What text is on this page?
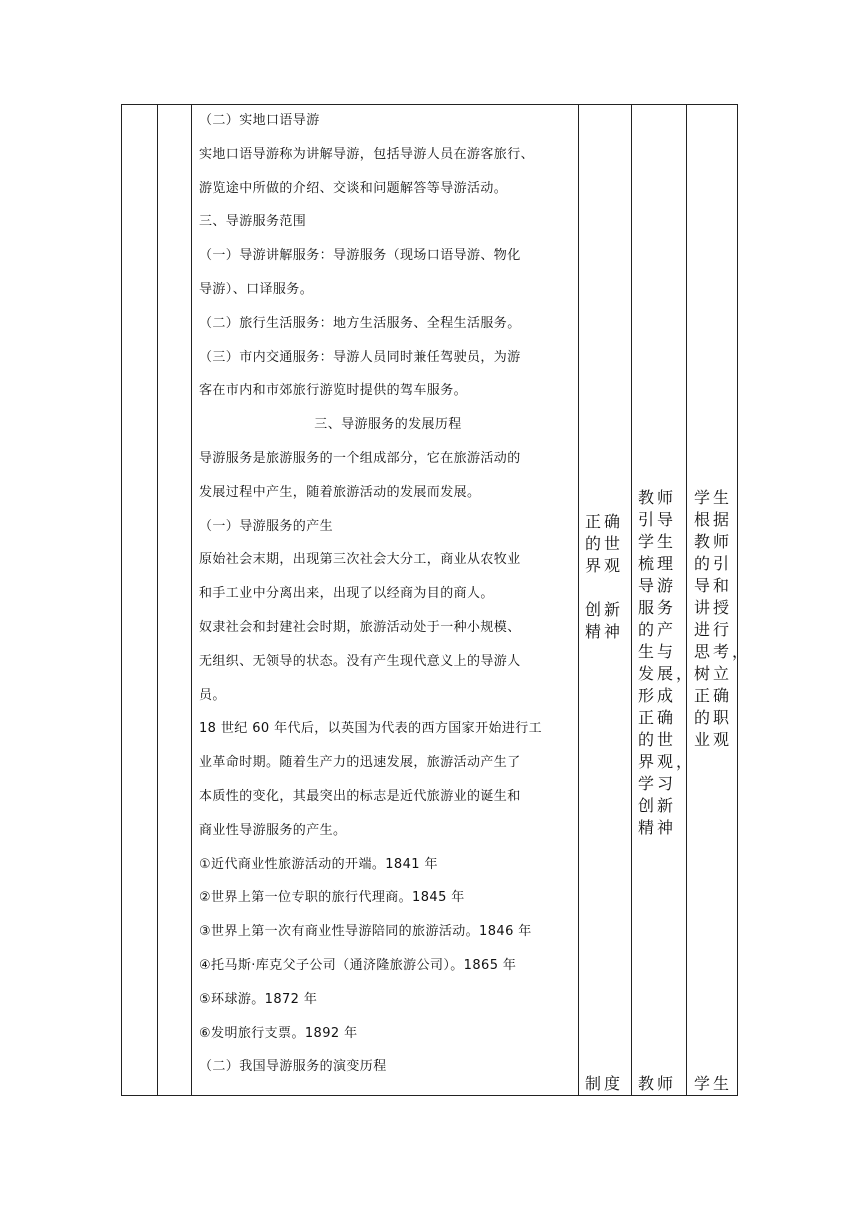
（二）实地口语导游

实地口语导游称为讲解导游，包括导游人员在游客旅行、

游览途中所做的介绍、交谈和问题解答等导游活动。

三、导游服务范围

（一）导游讲解服务：导游服务（现场口语导游、物化

导游）、口译服务。

（二）旅行生活服务：地方生活服务、全程生活服务。

（三）市内交通服务：导游人员同时兼任驾驶员，为游

客在市内和市郊旅行游览时提供的驾车服务。

三、导游服务的发展历程

导游服务是旅游服务的一个组成部分，它在旅游活动的

发展过程中产生，随着旅游活动的发展而发展。

（一）导游服务的产生

原始社会末期，出现第三次社会大分工，商业从农牧业

和手工业中分离出来，出现了以经商为目的商人。

奴隶社会和封建社会时期，旅游活动处于一种小规模、

无组织、无领导的状态。没有产生现代意义上的导游人

员。

18 世纪 60 年代后，以英国为代表的西方国家开始进行工

业革命时期。随着生产力的迅速发展，旅游活动产生了

本质性的变化，其最突出的标志是近代旅游业的诞生和

商业性导游服务的产生。

①近代商业性旅游活动的开端。1841 年

②世界上第一位专职的旅行代理商。1845 年

③世界上第一次有商业性导游陪同的旅游活动。1846 年

④托马斯·库克父子公司（通济隆旅游公司）。1865 年

⑤环球游。1872 年

⑥发明旅行支票。1892 年

（二）我国导游服务的演变历程

正确
的世
界观
创新
精神
制度
教师
引导
学生
梳理
导游
服务
的产
生与
发展，
形成
正确
的世
界观，
学习
创新
精神
教师
学生
根据
教师
的引
导和
讲授
进行
思考，
树立
正确
的职
业观
学生
